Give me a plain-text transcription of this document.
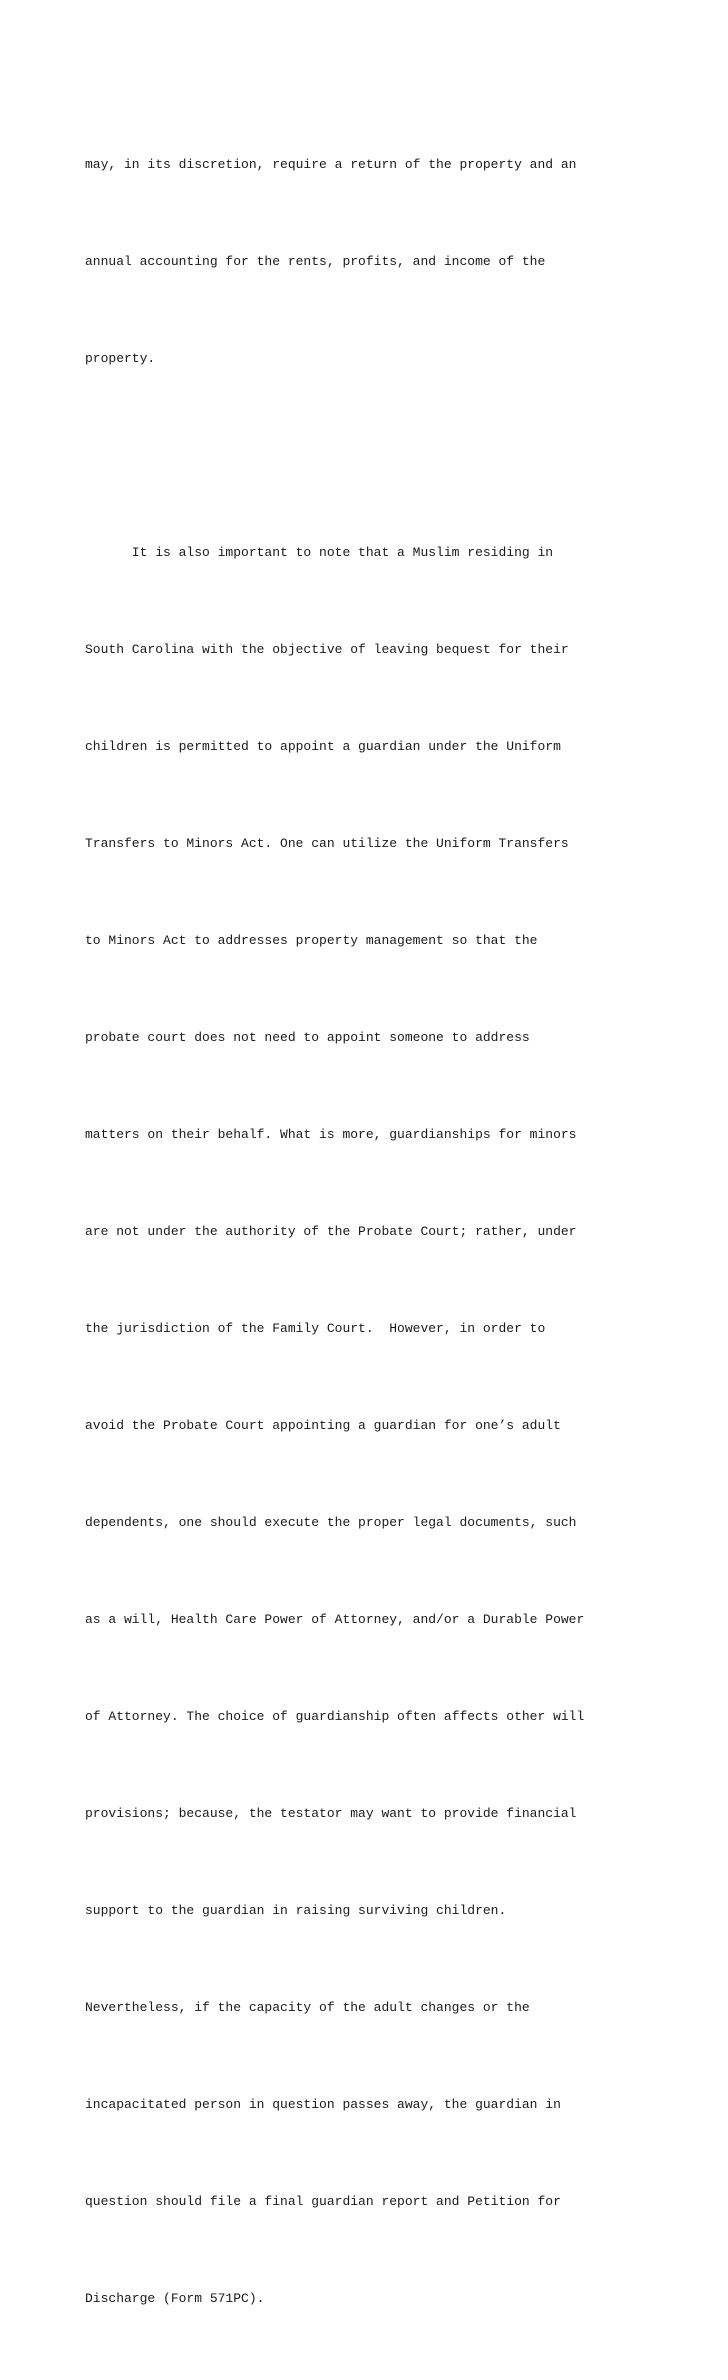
may, in its discretion, require a return of the property and an

annual accounting for the rents, profits, and income of the

property.

It is also important to note that a Muslim residing in

South Carolina with the objective of leaving bequest for their

children is permitted to appoint a guardian under the Uniform

Transfers to Minors Act. One can utilize the Uniform Transfers

to Minors Act to addresses property management so that the

probate court does not need to appoint someone to address

matters on their behalf. What is more, guardianships for minors

are not under the authority of the Probate Court; rather, under

the jurisdiction of the Family Court.  However, in order to

avoid the Probate Court appointing a guardian for one’s adult

dependents, one should execute the proper legal documents, such

as a will, Health Care Power of Attorney, and/or a Durable Power

of Attorney. The choice of guardianship often affects other will

provisions; because, the testator may want to provide financial

support to the guardian in raising surviving children.

Nevertheless, if the capacity of the adult changes or the

incapacitated person in question passes away, the guardian in

question should file a final guardian report and Petition for

Discharge (Form 571PC).
